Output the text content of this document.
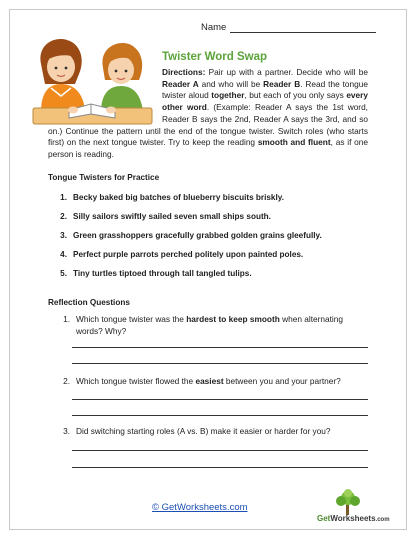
Name
Twister Word Swap
Directions: Pair up with a partner. Decide who will be Reader A and who will be Reader B. Read the tongue twister aloud together, but each of you only says every other word. (Example: Reader A says the 1st word, Reader B says the 2nd, Reader A says the 3rd, and so on.) Continue the pattern until the end of the tongue twister. Switch roles (who starts first) on the next tongue twister. Try to keep the reading smooth and fluent, as if one person is reading.
Tongue Twisters for Practice
1. Becky baked big batches of blueberry biscuits briskly.
2. Silly sailors swiftly sailed seven small ships south.
3. Green grasshoppers gracefully grabbed golden grains gleefully.
4. Perfect purple parrots perched politely upon painted poles.
5. Tiny turtles tiptoed through tall tangled tulips.
Reflection Questions
1. Which tongue twister was the hardest to keep smooth when alternating words? Why?
2. Which tongue twister flowed the easiest between you and your partner?
3. Did switching starting roles (A vs. B) make it easier or harder for you?
© GetWorksheets.com
GetWorksheets.com
